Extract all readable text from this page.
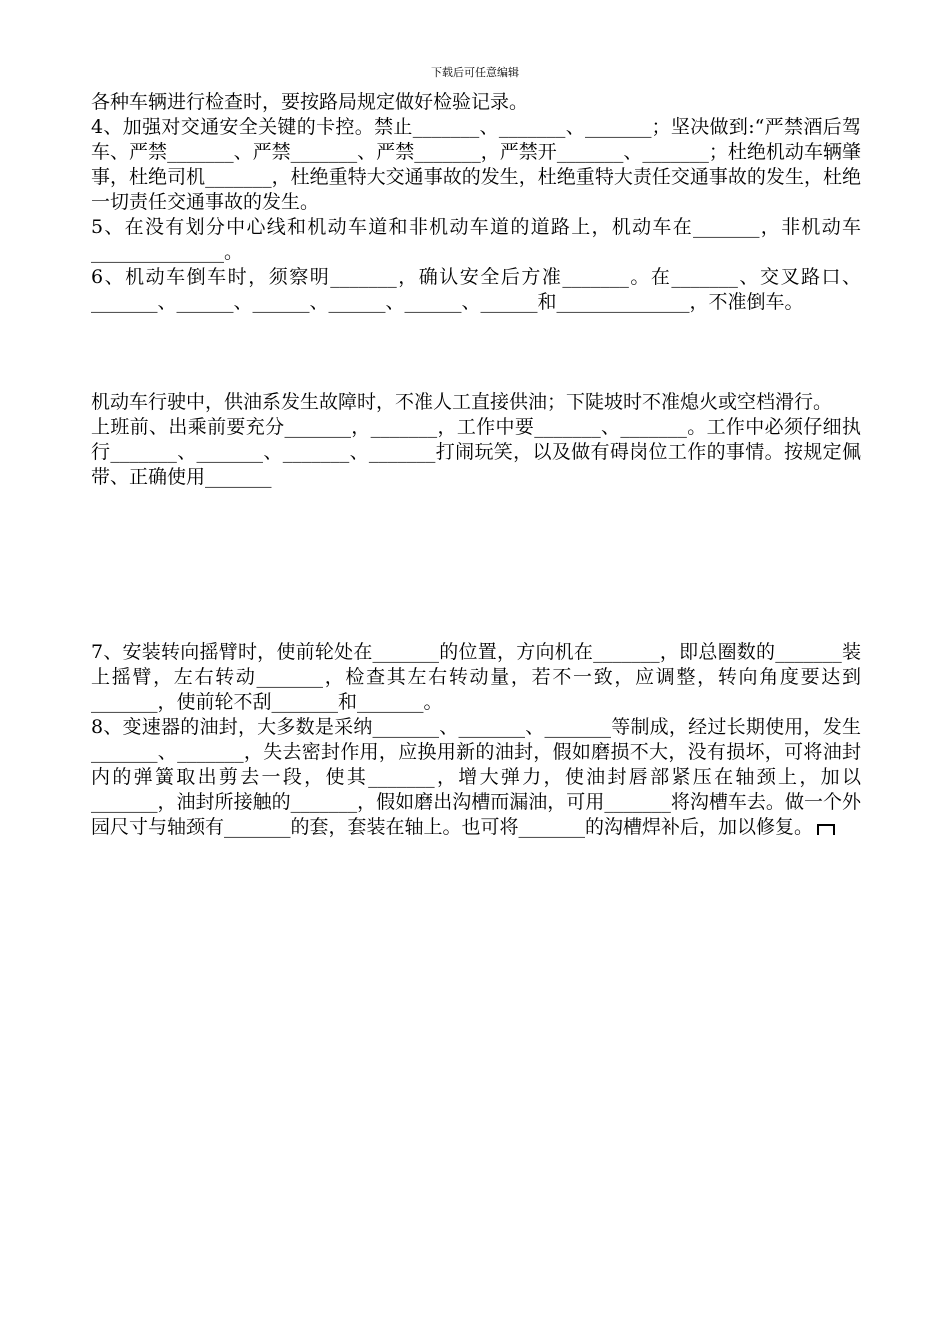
下载后可任意编辑

各种车辆进行检查时，要按路局规定做好检验记录。

4、加强对交通安全关键的卡控。禁止_______、_______、_______；坚决做到:“严禁酒后驾车、严禁_______、严禁_______、严禁_______，严禁开_______、_______；杜绝机动车辆肇事，杜绝司机_______，杜绝重特大交通事故的发生，杜绝重特大责任交通事故的发生，杜绝一切责任交通事故的发生。

5、在没有划分中心线和机动车道和非机动车道的道路上，机动车在_______，非机动车______________。

6、机动车倒车时，须察明_______，确认安全后方准_______。在_______、交叉路口、_______、______、______、______、______、______和______________，不准倒车。

机动车行驶中，供油系发生故障时，不准人工直接供油；下陡坡时不准熄火或空档滑行。

上班前、出乘前要充分_______，_______，工作中要_______、_______。工作中必须仔细执行_______、_______、_______、_______打闹玩笑，以及做有碍岗位工作的事情。按规定佩带、正确使用_______

7、安装转向摇臂时，使前轮处在_______的位置，方向机在_______，即总圈数的_______装上摇臂，左右转动_______，检查其左右转动量，若不一致，应调整，转向角度要达到_______，使前轮不刮_______和_______。

8、变速器的油封，大多数是采纳_______、_______、_______等制成，经过长期使用，发生_______、_______，失去密封作用，应换用新的油封，假如磨损不大，没有损坏，可将油封内的弹簧取出剪去一段，使其_______，增大弹力，使油封唇部紧压在轴颈上，加以_______，油封所接触的_______，假如磨出沟槽而漏油，可用_______将沟槽车去。做一个外园尺寸与轴颈有_______的套，套装在轴上。也可将_______的沟槽焊补后，加以修复。
